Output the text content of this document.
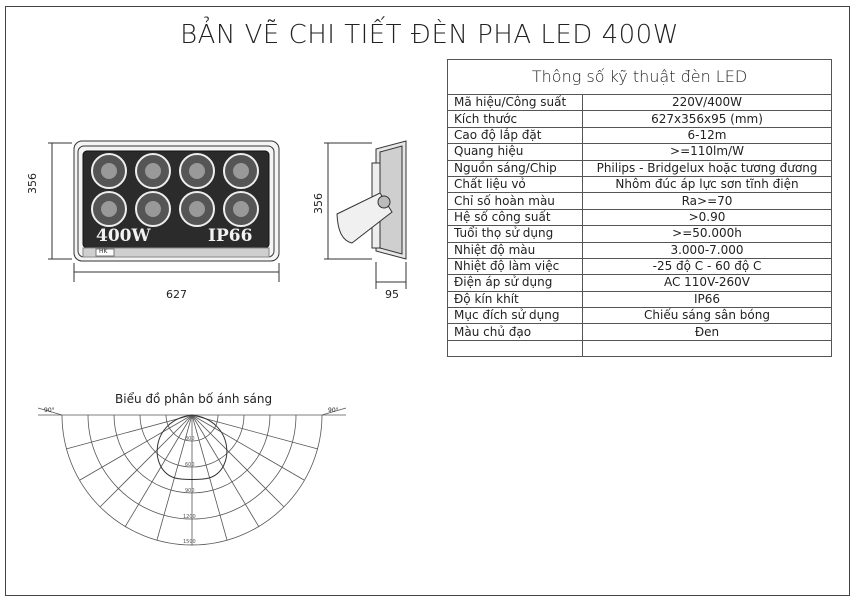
BẢN VẼ CHI TIẾT ĐÈN PHA LED 400W
400W	IP66
HK
356
627
356
95
Biểu đồ phân bố ánh sáng
90°	90°
300
600
900
1200
1500
Thông số kỹ thuật đèn LED
Mã hiệu/Công suất	220V/400W
Kích thước	627x356x95 (mm)
Cao độ lắp đặt	6-12m
Quang hiệu	>=110lm/W
Nguồn sáng/Chip	Philips - Bridgelux hoặc tương đương
Chất liệu vỏ	Nhôm đúc áp lực sơn tĩnh điện
Chỉ số hoàn màu	Ra>=70
Hệ số công suất	>0.90
Tuổi thọ sử dụng	>=50.000h
Nhiệt độ màu	3.000-7.000
Nhiệt độ làm việc	-25 độ C - 60 độ C
Điện áp sử dụng	AC 110V-260V
Độ kín khít	IP66
Mục đích sử dụng	Chiếu sáng sân bóng
Màu chủ đạo	Đen
